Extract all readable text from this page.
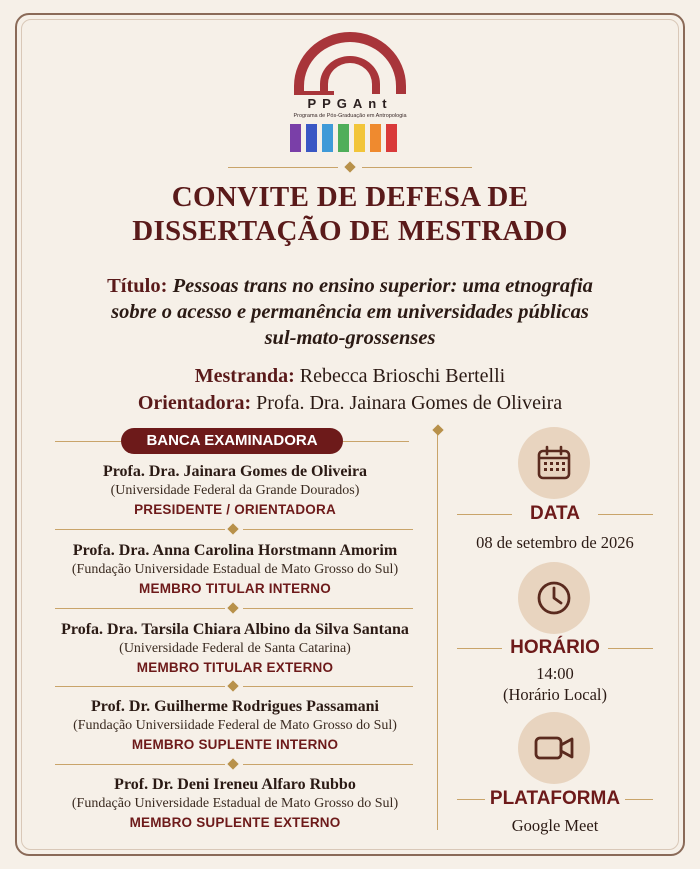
PPGAnt
Programa de Pós-Graduação em Antropologia
CONVITE DE DEFESA DE
DISSERTAÇÃO DE MESTRADO
Título: Pessoas trans no ensino superior: uma etnografia
sobre o acesso e permanência em universidades públicas
sul-mato-grossenses
Mestranda: Rebecca Brioschi Bertelli
Orientadora: Profa. Dra. Jainara Gomes de Oliveira
BANCA EXAMINADORA
Profa. Dra. Jainara Gomes de Oliveira
(Universidade Federal da Grande Dourados)
PRESIDENTE / ORIENTADORA
Profa. Dra. Anna Carolina Horstmann Amorim
(Fundação Universidade Estadual de Mato Grosso do Sul)
MEMBRO TITULAR INTERNO
Profa. Dra. Tarsila Chiara Albino da Silva Santana
(Universidade Federal de Santa Catarina)
MEMBRO TITULAR EXTERNO
Prof. Dr. Guilherme Rodrigues Passamani
(Fundação Universiidade Federal de Mato Grosso do Sul)
MEMBRO SUPLENTE INTERNO
Prof. Dr. Deni Ireneu Alfaro Rubbo
(Fundação Universidade Estadual de Mato Grosso do Sul)
MEMBRO SUPLENTE EXTERNO
DATA
08 de setembro de 2026
HORÁRIO
14:00
(Horário Local)
PLATAFORMA
Google Meet
